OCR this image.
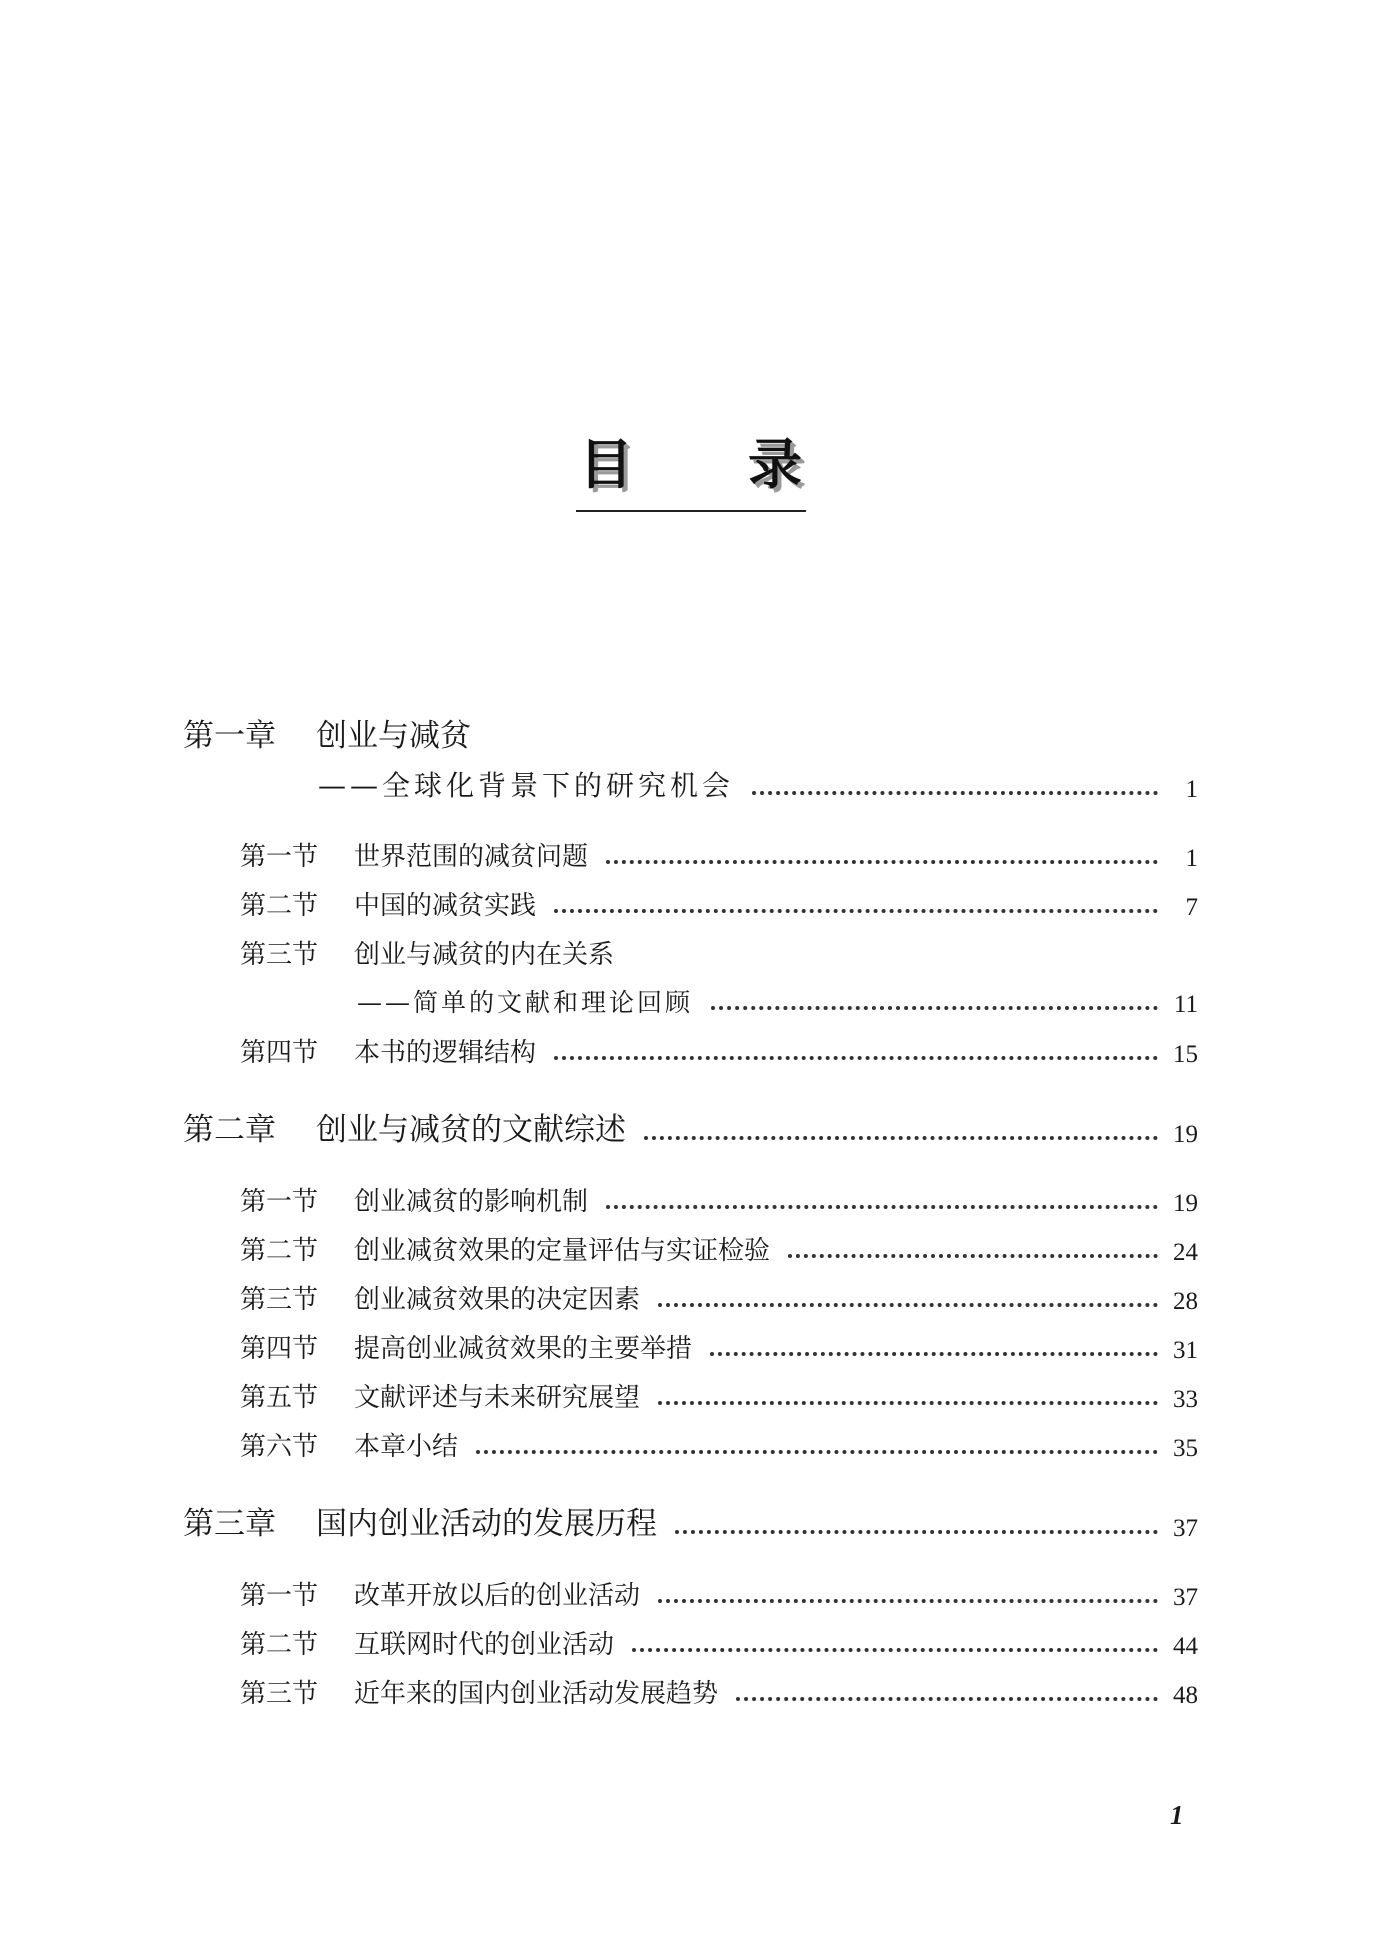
目 录
第一章	创业与减贫
——全球化背景下的研究机会	1
第一节	世界范围的减贫问题	1
第二节	中国的减贫实践	7
第三节	创业与减贫的内在关系
——简单的文献和理论回顾	11
第四节	本书的逻辑结构	15
第二章	创业与减贫的文献综述	19
第一节	创业减贫的影响机制	19
第二节	创业减贫效果的定量评估与实证检验	24
第三节	创业减贫效果的决定因素	28
第四节	提高创业减贫效果的主要举措	31
第五节	文献评述与未来研究展望	33
第六节	本章小结	35
第三章	国内创业活动的发展历程	37
第一节	改革开放以后的创业活动	37
第二节	互联网时代的创业活动	44
第三节	近年来的国内创业活动发展趋势	48
1
